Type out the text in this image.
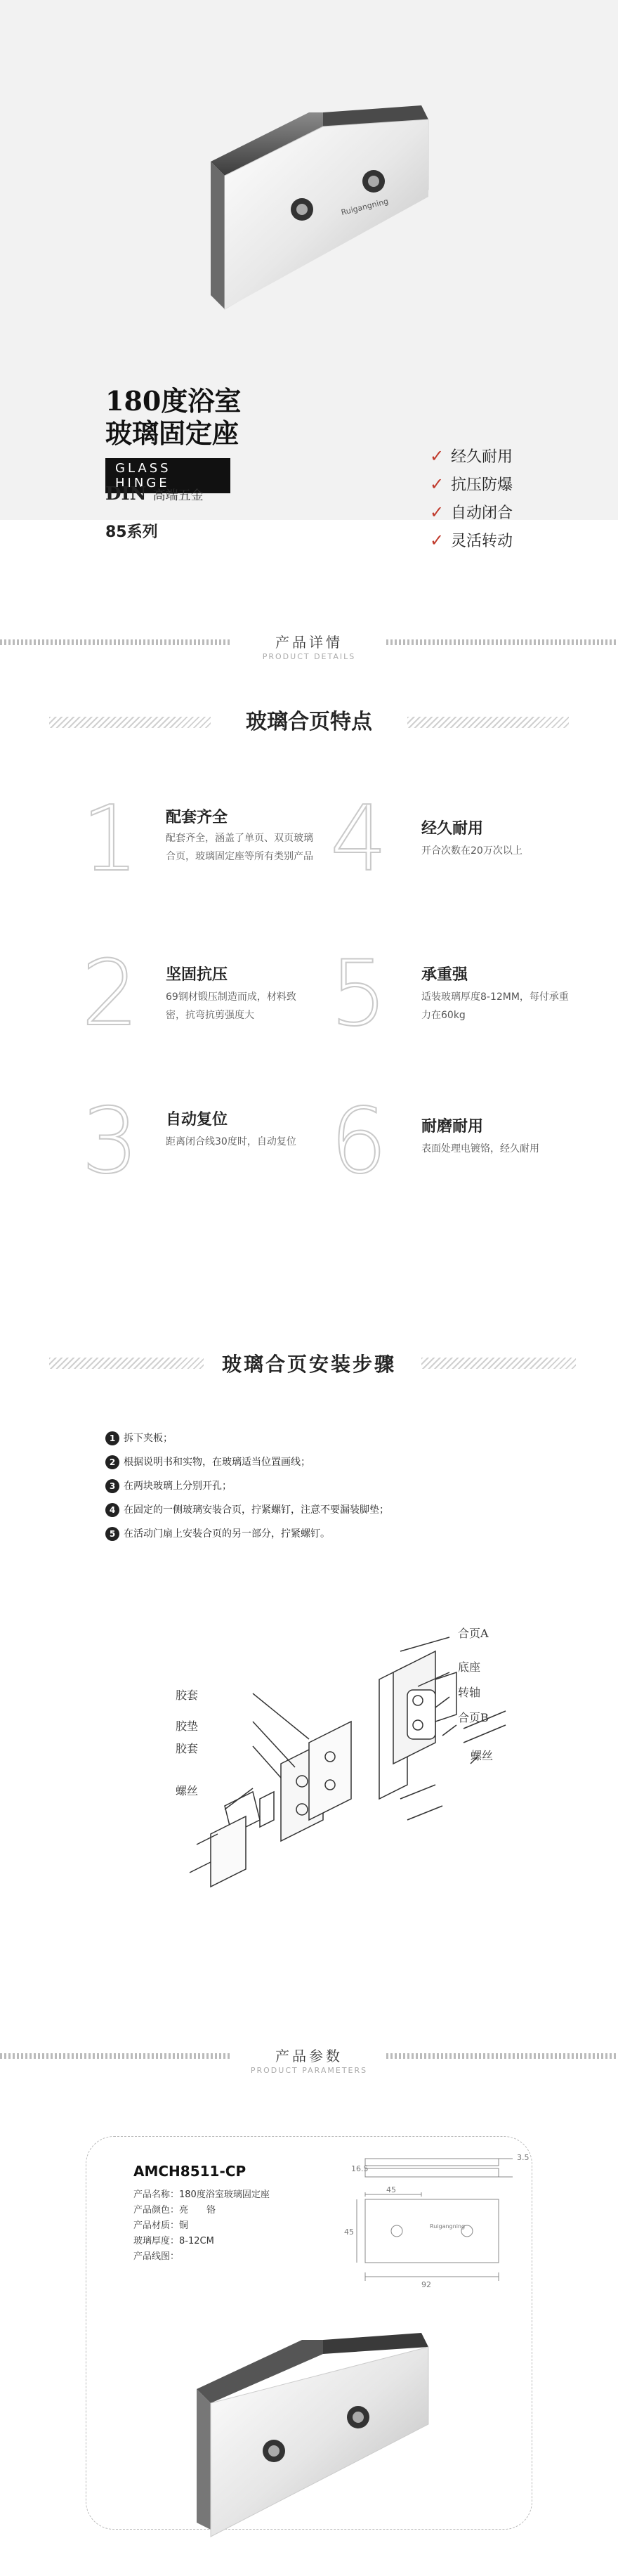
Ruigangning
180度浴室
玻璃固定座
GLASS HINGE
DIN 高端五金
85系列
✓ 经久耐用
✓ 抗压防爆
✓ 自动闭合
✓ 灵活转动
产品详情
PRODUCT DETAILS
玻璃合页特点
1 配套齐全
配套齐全，涵盖了单页、双页玻璃合页，玻璃固定座等所有类别产品 4 经久耐用
开合次数在20万次以上
2 坚固抗压
69钢材锻压制造而成，材料致密，抗弯抗剪强度大 5 承重强
适装玻璃厚度8-12MM，每付承重力在60kg
3 自动复位
距离闭合线30度时，自动复位 6 耐磨耐用
表面处理电镀铬，经久耐用
玻璃合页安装步骤
1 拆下夹板；
2 根据说明书和实物，在玻璃适当位置画线；
3 在两块玻璃上分别开孔；
4 在固定的一侧玻璃安装合页，拧紧螺钉，注意不要漏装脚垫；
5 在活动门扇上安装合页的另一部分，拧紧螺钉。
合页A
底座
转轴
合页B
螺丝
胶套
胶垫
胶套
螺丝
产品参数
PRODUCT PARAMETERS
AMCH8511-CP
产品名称：180度浴室玻璃固定座
产品颜色：亮　　铬
产品材质：铜
玻璃厚度：8-12CM
产品线图：
3.5
16.5
45
45
92
Ruigangning
